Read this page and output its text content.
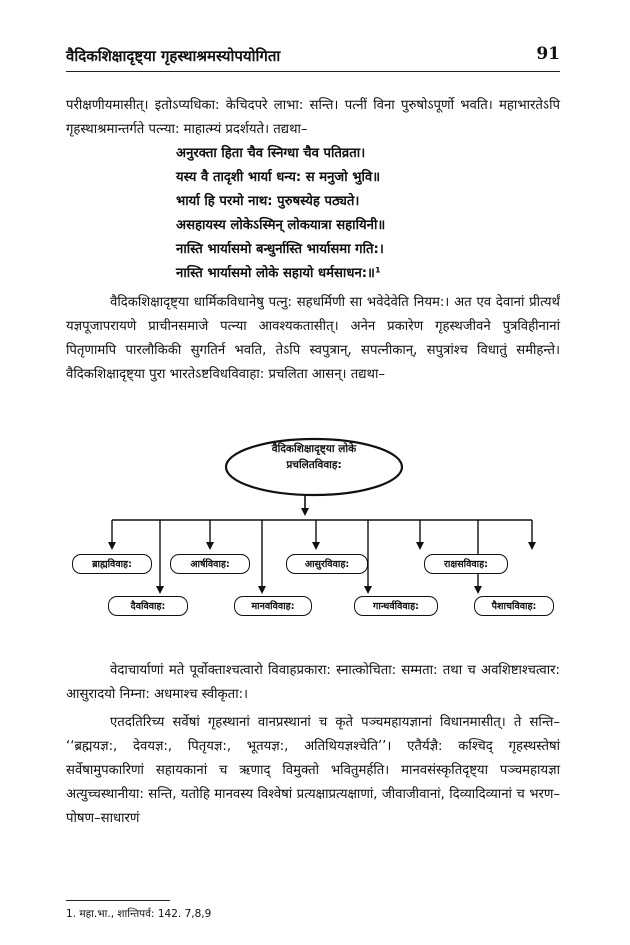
वैदिकशिक्षादृष्ट्या गृहस्थाश्रमस्योपयोगिता	91

परीक्षणीयमासीत्। इतोऽप्यधिका: केचिदपरे लाभा: सन्ति। पत्नीं विना पुरुषोऽपूर्णो भवति। महाभारतेऽपि गृहस्थाश्रमान्तर्गते पत्न्या: माहात्म्यं प्रदर्शयते। तद्यथा–

अनुरक्ता हिता चैव स्निग्धा चैव पतिव्रता।
यस्य वै तादृशी भार्या धन्य: स मनुजो भुवि॥
भार्या हि परमो नाथ: पुरुषस्येह पठ्यते।
असहायस्य लोकेऽस्मिन् लोकयात्रा सहायिनी॥
नास्ति भार्यासमो बन्धुर्नास्ति भार्यासमा गति:।
नास्ति भार्यासमो लोके सहायो धर्मसाधन:॥¹

वैदिकशिक्षादृष्ट्या धार्मिकविधानेषु पत्नु: सहधर्मिणी सा भवेदेवेति नियम:। अत एव देवानां प्रीत्यर्थं यज्ञपूजापरायणे प्राचीनसमाजे पत्न्या आवश्यकतासीत्। अनेन प्रकारेण गृहस्थजीवने पुत्रविहीनानां पितृणामपि पारलौकिकी सुगतिर्न भवति, तेऽपि स्वपुत्रान्, सपत्नीकान्, सपुत्रांश्च विधातुं समीहन्ते। वैदिकशिक्षादृष्ट्या पुरा भारतेऽष्टविधविवाहा: प्रचलिता आसन्। तद्यथा–

वैदिकशिक्षादृष्ट्या लोके
प्रचलितविवाह:
ब्राह्मविवाह:
दैवविवाह:
आर्षविवाह:
मानवविवाह:
आसुरविवाह:
गान्धर्वविवाह:
राक्षसविवाह:
पैशाचविवाह:

वेदाचार्याणां मते पूर्वोक्ताश्चत्वारो विवाहप्रकारा: स्नात्कोचिता: सम्मता: तथा च अवशिष्टाश्चत्वार: आसुरादयो निम्ना: अधमाश्च स्वीकृता:।

एतदतिरिच्य सर्वेषां गृहस्थानां वानप्रस्थानां च कृते पञ्चमहायज्ञानां विधानमासीत्। ते सन्ति– ‘‘ब्रह्मयज्ञ:, देवयज्ञ:, पितृयज्ञ:, भूतयज्ञ:, अतिथियज्ञश्चेति’’। एतैर्यज्ञै: कश्चिद् गृहस्थस्तेषां सर्वेषामुपकारिणां सहायकानां च ऋणाद् विमुक्तो भवितुमर्हति। मानवसंस्कृतिदृष्ट्या पञ्चमहायज्ञा अत्युच्चस्थानीया: सन्ति, यतोहि मानवस्य विश्वेषां प्रत्यक्षाप्रत्यक्षाणां, जीवाजीवानां, दिव्यादिव्यानां च भरण–पोषण–साधारणं

1. महा.भा., शान्तिपर्व: 142. 7,8,9
